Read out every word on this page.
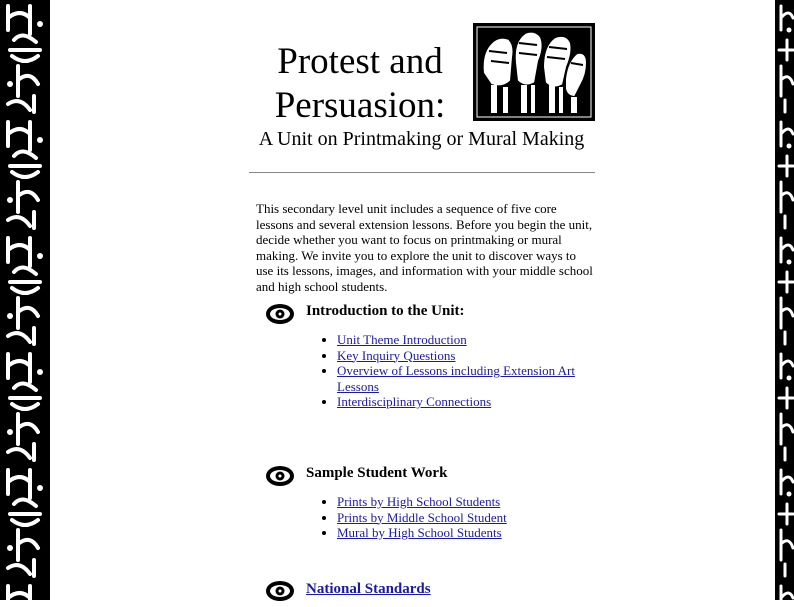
Protest and Persuasion:
A Unit on Printmaking or Mural Making

This secondary level unit includes a sequence of five core lessons and several extension lessons. Before you begin the unit, decide whether you want to focus on printmaking or mural making. We invite you to explore the unit to discover ways to use its lessons, images, and information with your middle school and high school students.

Introduction to the Unit:
• Unit Theme Introduction
• Key Inquiry Questions
• Overview of Lessons including Extension Art Lessons
• Interdisciplinary Connections
Sample Student Work
• Prints by High School Students
• Prints by Middle School Student
• Mural by High School Students
National Standards
